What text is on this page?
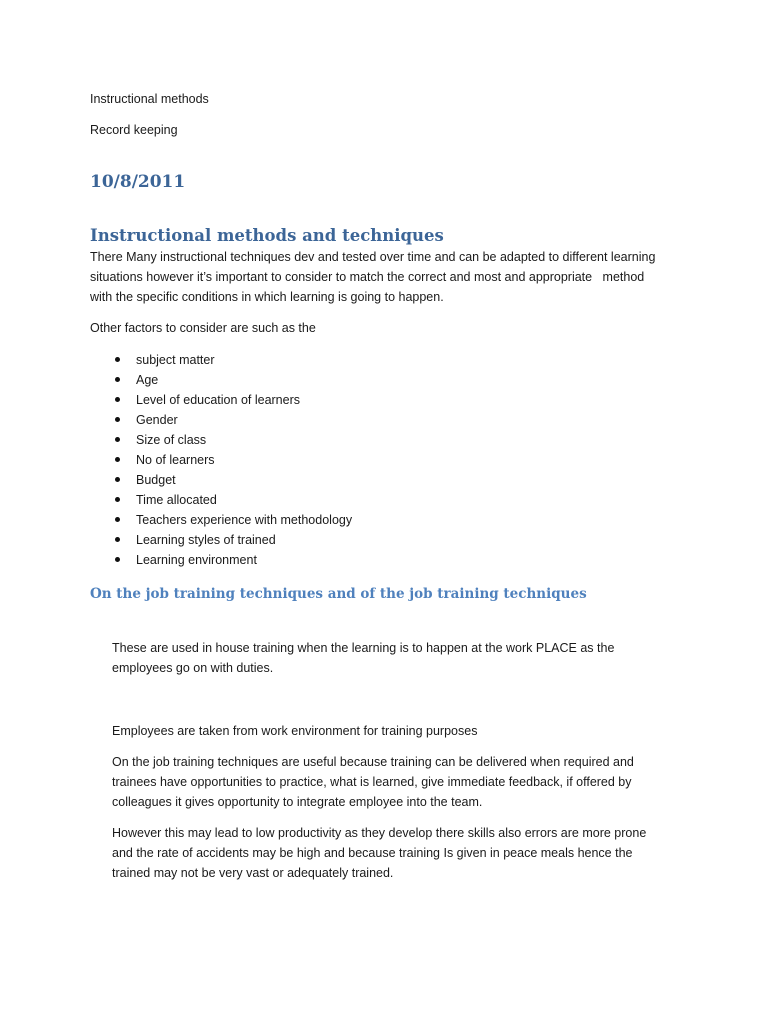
Instructional methods
Record keeping
10/8/2011
Instructional methods and techniques
There Many instructional techniques dev and tested over time and can be adapted to different learning
situations however it’s important to consider to match the correct and most and appropriate   method
with the specific conditions in which learning is going to happen.
Other factors to consider are such as the
subject matter
Age
Level of education of learners
Gender
Size of class
No of learners
Budget
Time allocated
Teachers experience with methodology
Learning styles of trained
Learning environment
On the job training techniques and of the job training techniques
These are used in house training when the learning is to happen at the work PLACE as the
employees go on with duties.
Employees are taken from work environment for training purposes
On the job training techniques are useful because training can be delivered when required and
trainees have opportunities to practice, what is learned, give immediate feedback, if offered by
colleagues it gives opportunity to integrate employee into the team.
However this may lead to low productivity as they develop there skills also errors are more prone
and the rate of accidents may be high and because training Is given in peace meals hence the
trained may not be very vast or adequately trained.
